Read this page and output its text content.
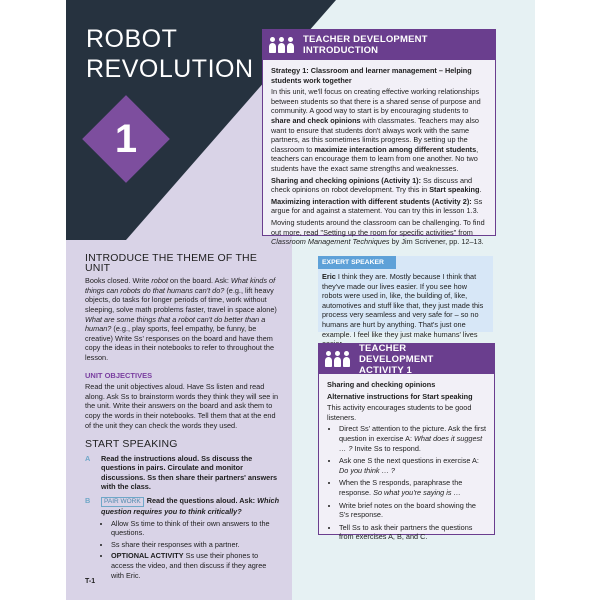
ROBOT
REVOLUTION
1
TEACHER DEVELOPMENT INTRODUCTION

Strategy 1: Classroom and learner management – Helping students work together

In this unit, we'll focus on creating effective working relationships between students so that there is a shared sense of purpose and community. A good way to start is by encouraging students to share and check opinions with classmates. Teachers may also want to ensure that students don't always work with the same partners, as this sometimes limits progress. By setting up the classroom to maximize interaction among different students, teachers can encourage them to learn from one another. No two students have the exact same strengths and weaknesses.

Sharing and checking opinions (Activity 1): Ss discuss and check opinions on robot development. Try this in Start speaking.

Maximizing interaction with different students (Activity 2): Ss argue for and against a statement. You can try this in lesson 1.3.

Moving students around the classroom can be challenging. To find out more, read "Setting up the room for specific activities" from Classroom Management Techniques by Jim Scrivener, pp. 12–13.

INTRODUCE THE THEME OF THE UNIT

Books closed. Write robot on the board. Ask: What kinds of things can robots do that humans can't do? (e.g., lift heavy objects, do tasks for longer periods of time, work without sleeping, solve math problems faster, travel in space alone) What are some things that a robot can't do better than a human? (e.g., play sports, feel empathy, be funny, be creative) Write Ss' responses on the board and have them copy the ideas in their notebooks to refer to throughout the lesson.

UNIT OBJECTIVES

Read the unit objectives aloud. Have Ss listen and read along. Ask Ss to brainstorm words they think they will see in the unit. Write their answers on the board and ask them to copy the words in their notebooks. Tell them that at the end of the unit they can check the words they used.

START SPEAKING
A	Read the instructions aloud. Ss discuss the questions in pairs. Circulate and monitor discussions. Ss then share their partners' answers with the class.
B	PAIR WORK Read the questions aloud. Ask: Which question requires you to think critically?
• Allow Ss time to think of their own answers to the questions.
• Ss share their responses with a partner.
• OPTIONAL ACTIVITY Ss use their phones to access the video, and then discuss if they agree with Eric.
EXPERT SPEAKER
Eric I think they are. Mostly because I think that they've made our lives easier. If you see how robots were used in, like, the building of, like, automotives and stuff like that, they just made this process very seamless and very safe for – so no humans are hurt by anything. That's just one example. I feel like they just make humans' lives
TEACHER DEVELOPMENT ACTIVITY 1

Sharing and checking opinions

Alternative instructions for Start speaking

This activity encourages students to be good listeners.

• Direct Ss' attention to the picture. Ask the first question in exercise A: What does it suggest … ? Invite Ss to respond.
• Ask one S the next questions in exercise A: Do you think … ?
• When the S responds, paraphrase the response. So what you're saying is …
• Write brief notes on the board showing the S's response.
• Tell Ss to ask their partners the questions from exercises A, B, and C.
T-1
